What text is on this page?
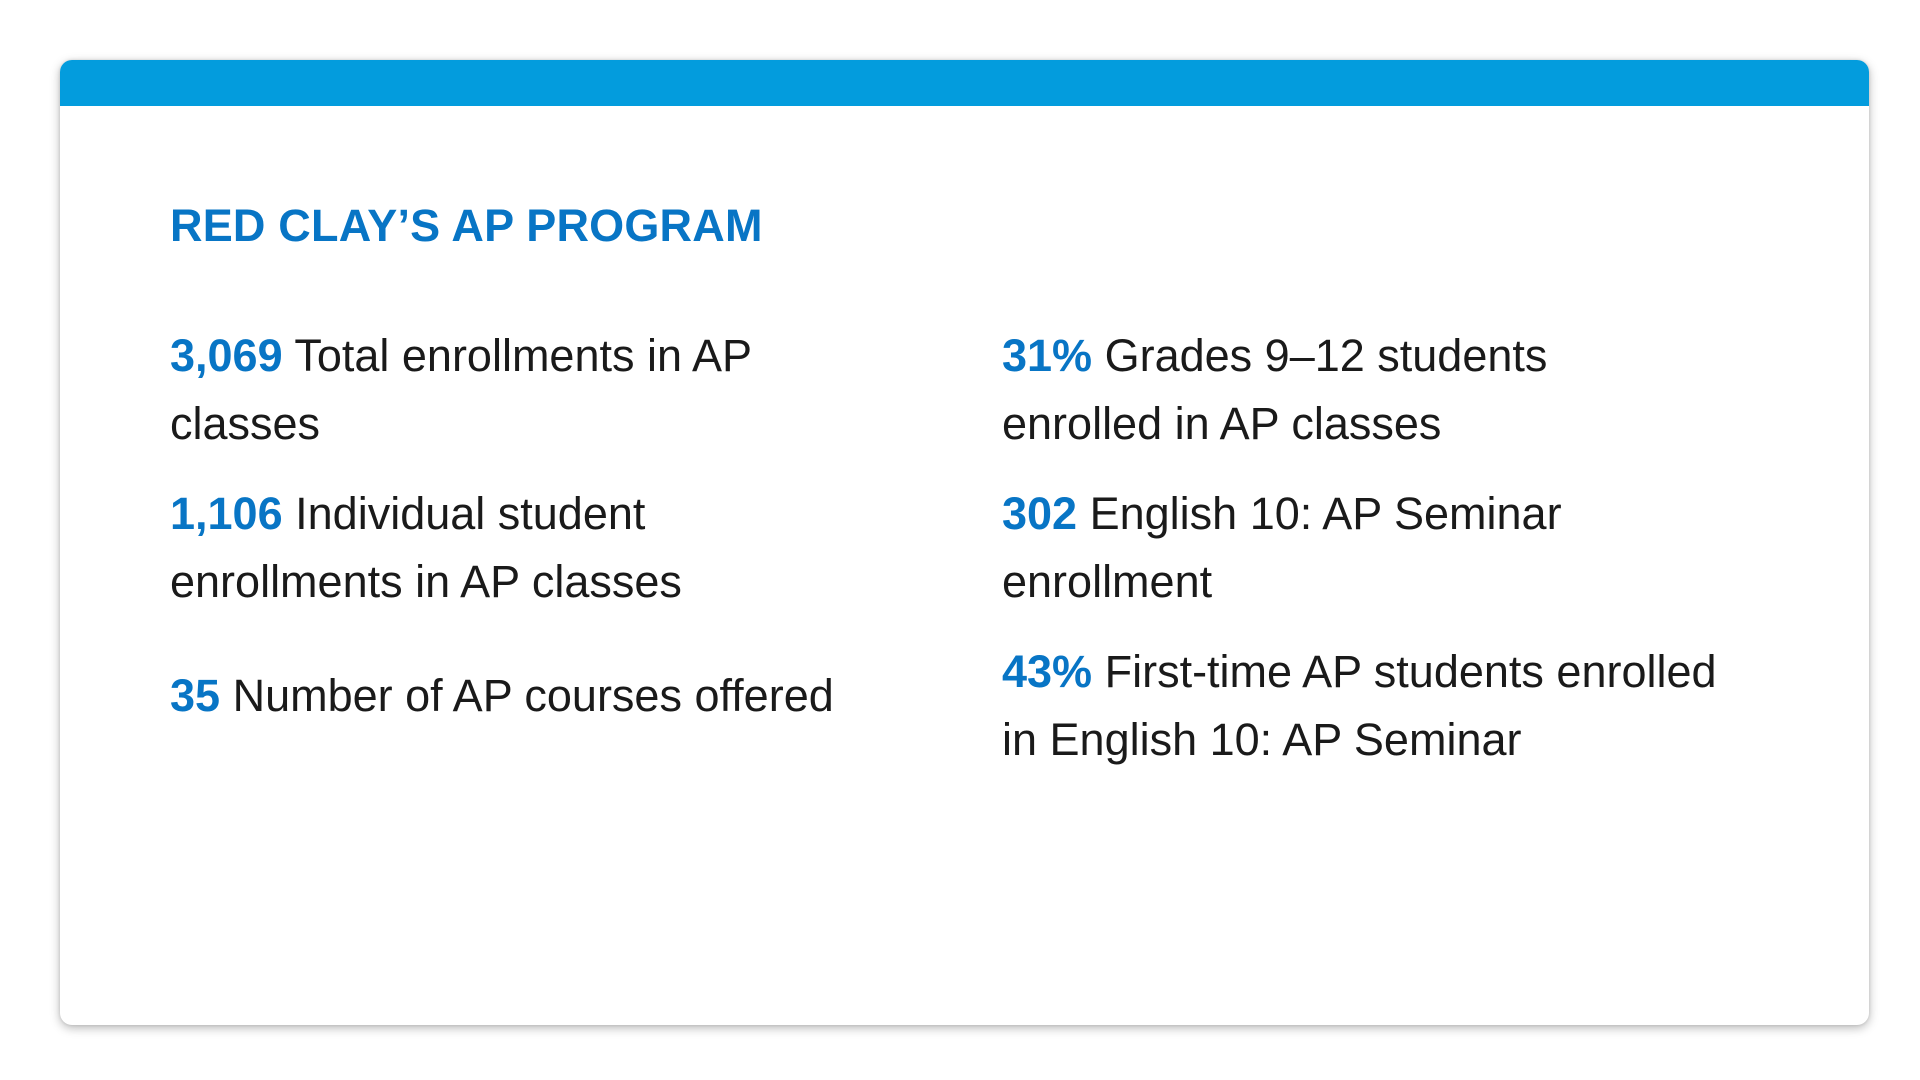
RED CLAY’S AP PROGRAM

3,069 Total enrollments in AP classes

1,106 Individual student enrollments in AP classes

35 Number of AP courses offered

31% Grades 9–12 students enrolled in AP classes

302 English 10: AP Seminar enrollment

43% First-time AP students enrolled in English 10: AP Seminar
